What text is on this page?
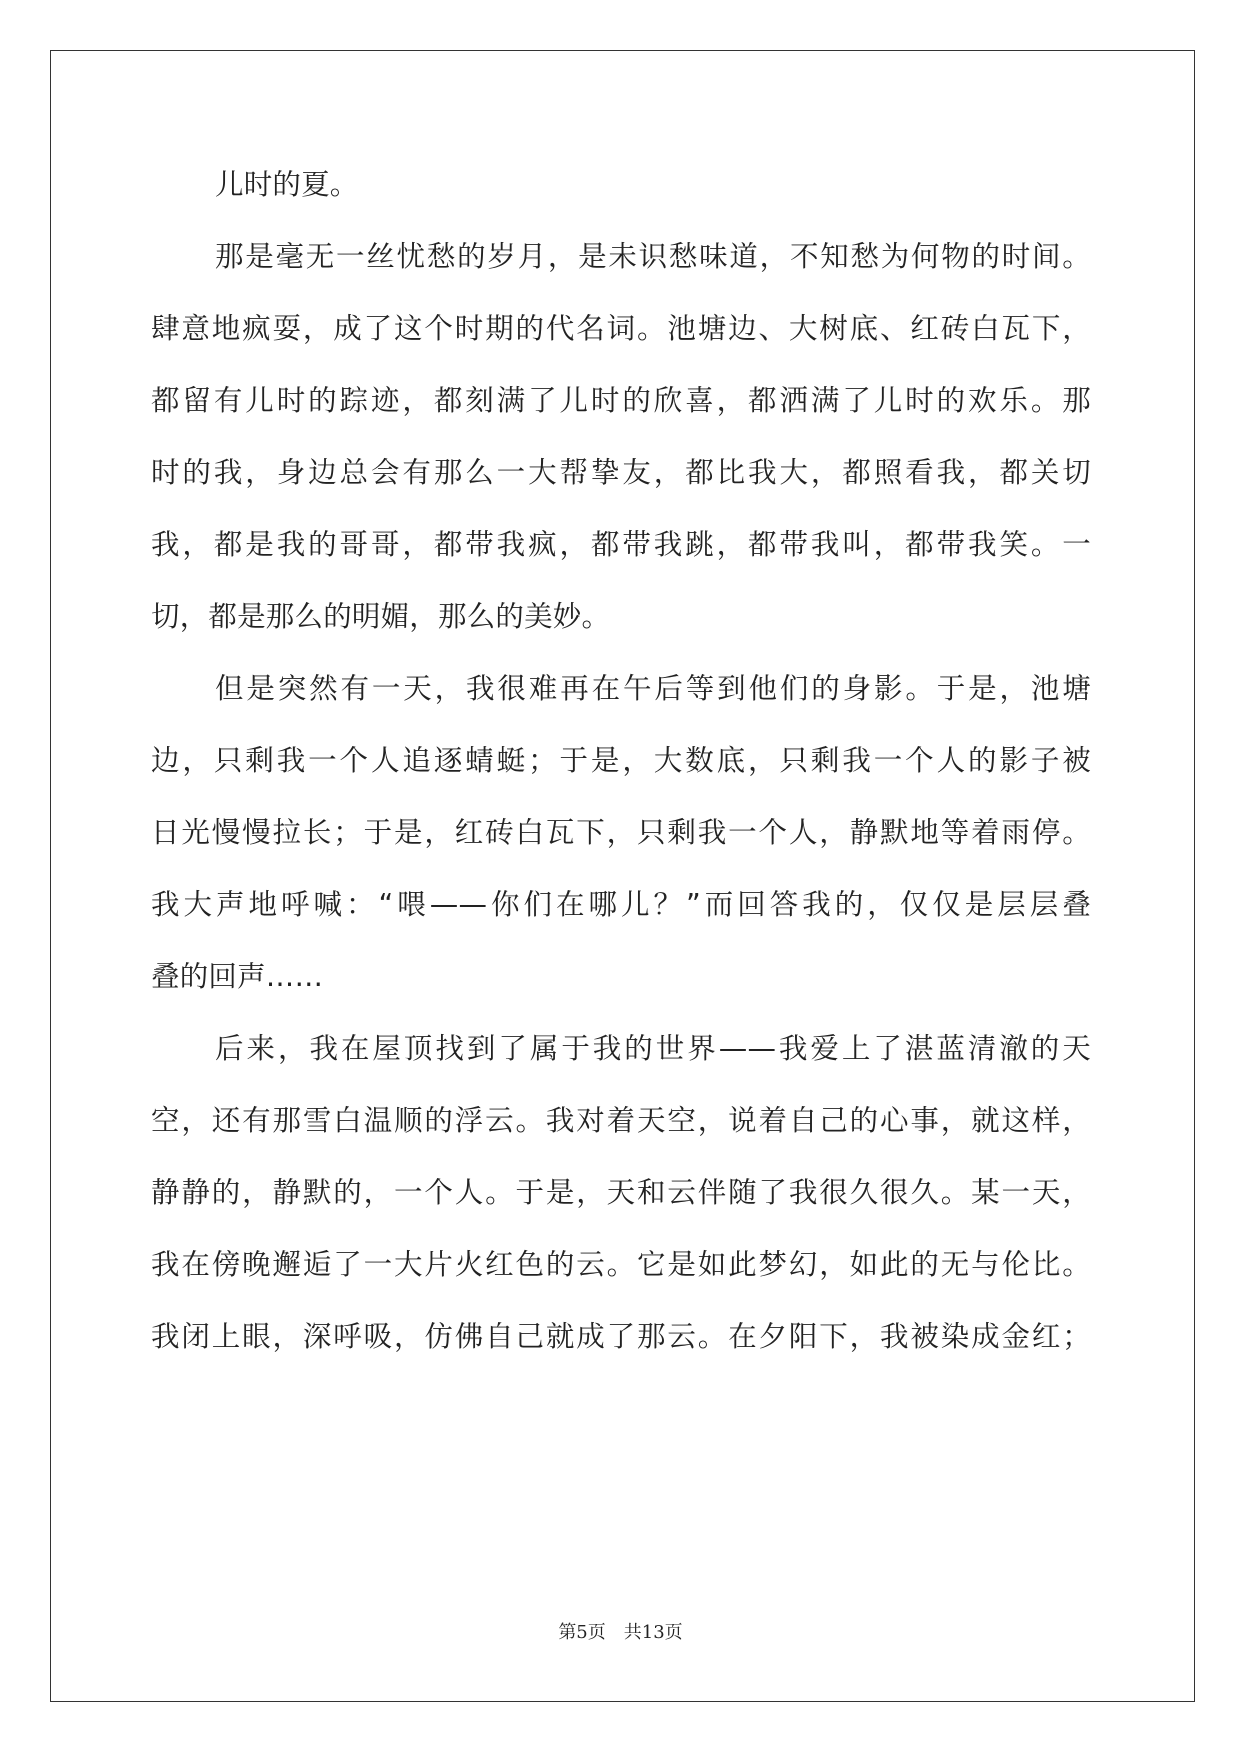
儿时的夏。
那是毫无一丝忧愁的岁月，是未识愁味道，不知愁为何物的时间。
肆意地疯耍，成了这个时期的代名词。池塘边、大树底、红砖白瓦下，
都留有儿时的踪迹，都刻满了儿时的欣喜，都洒满了儿时的欢乐。那
时的我，身边总会有那么一大帮挚友，都比我大，都照看我，都关切
我，都是我的哥哥，都带我疯，都带我跳，都带我叫，都带我笑。一
切，都是那么的明媚，那么的美妙。
但是突然有一天，我很难再在午后等到他们的身影。于是，池塘
边，只剩我一个人追逐蜻蜓；于是，大数底，只剩我一个人的影子被
日光慢慢拉长；于是，红砖白瓦下，只剩我一个人，静默地等着雨停。
我大声地呼喊：“喂——你们在哪儿？”而回答我的，仅仅是层层叠
叠的回声……
后来，我在屋顶找到了属于我的世界——我爱上了湛蓝清澈的天
空，还有那雪白温顺的浮云。我对着天空，说着自己的心事，就这样，
静静的，静默的，一个人。于是，天和云伴随了我很久很久。某一天，
我在傍晚邂逅了一大片火红色的云。它是如此梦幻，如此的无与伦比。
我闭上眼，深呼吸，仿佛自己就成了那云。在夕阳下，我被染成金红；
第5页 共13页
